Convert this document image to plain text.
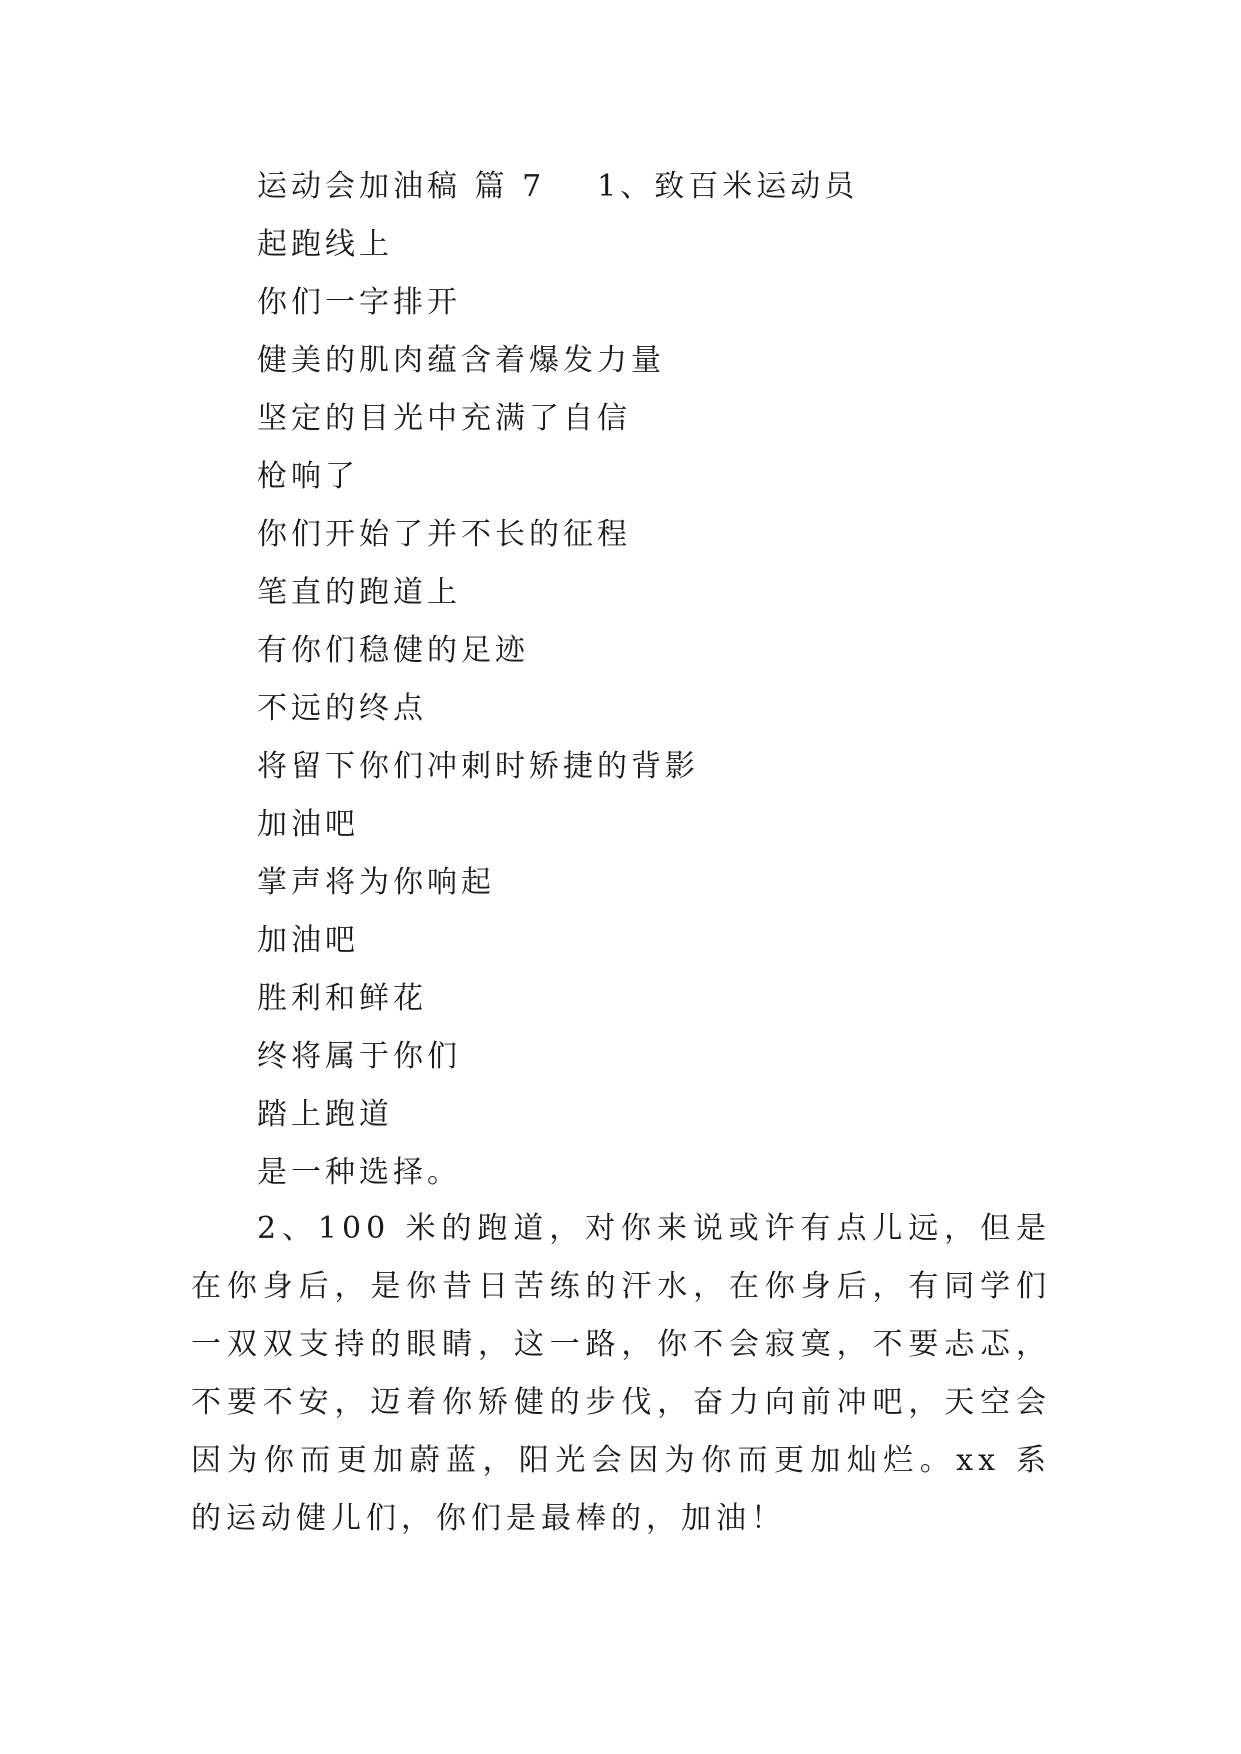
运动会加油稿 篇 7 1、致百米运动员
起跑线上
你们一字排开
健美的肌肉蕴含着爆发力量
坚定的目光中充满了自信
枪响了
你们开始了并不长的征程
笔直的跑道上
有你们稳健的足迹
不远的终点
将留下你们冲刺时矫捷的背影
加油吧
掌声将为你响起
加油吧
胜利和鲜花
终将属于你们
踏上跑道
是一种选择。

2、100 米的跑道，对你来说或许有点儿远，但是在你身后，是你昔日苦练的汗水，在你身后，有同学们一双双支持的眼睛，这一路，你不会寂寞，不要忐忑，不要不安，迈着你矫健的步伐，奋力向前冲吧，天空会因为你而更加蔚蓝，阳光会因为你而更加灿烂。xx 系的运动健儿们，你们是最棒的，加油！
